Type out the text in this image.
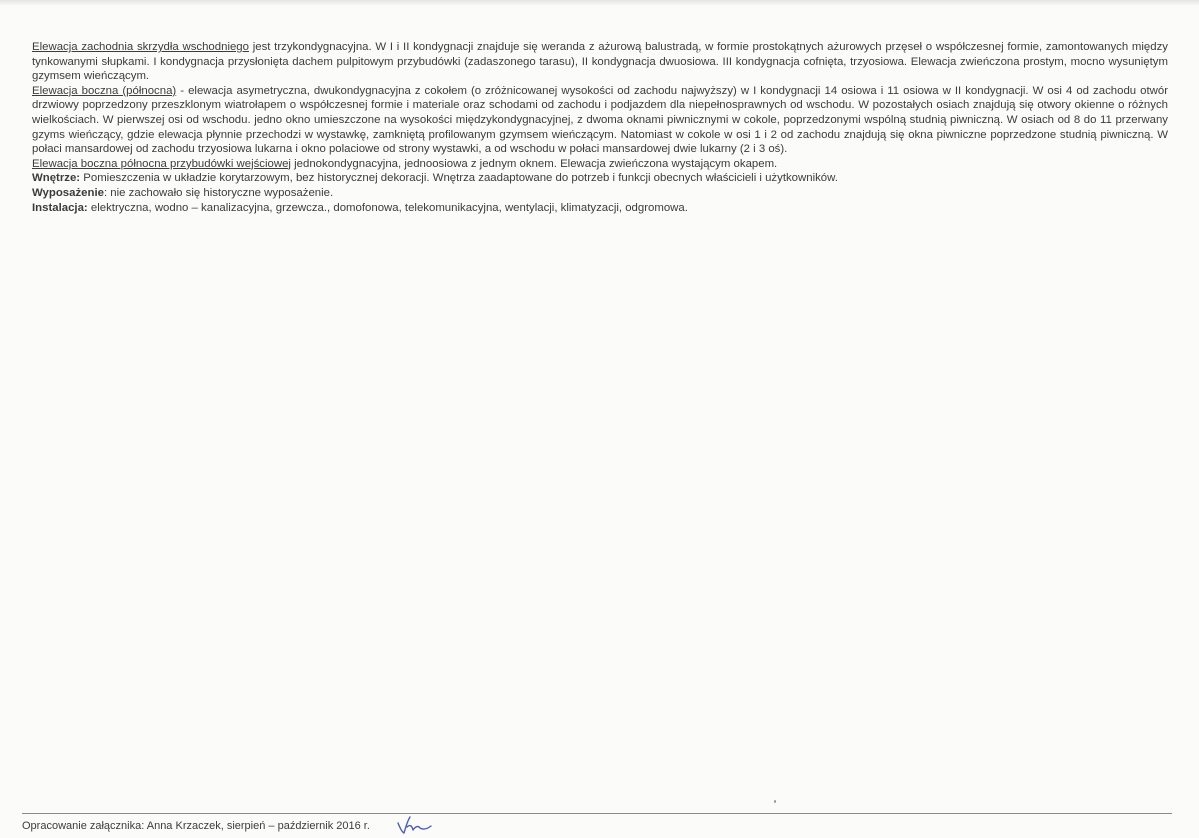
Elewacja zachodnia skrzydła wschodniego jest trzykondygnacyjna. W I i II kondygnacji znajduje się weranda z ażurową balustradą, w formie prostokątnych ażurowych przęseł o współczesnej formie, zamontowanych między tynkowanymi słupkami. I kondygnacja przysłonięta dachem pulpitowym przybudówki (zadaszonego tarasu), II kondygnacja dwuosiowa. III kondygnacja cofnięta, trzyosiowa. Elewacja zwieńczona prostym, mocno wysuniętym gzymsem wieńczącym.

Elewacja boczna (północna) - elewacja asymetryczna, dwukondygnacyjna z cokołem (o zróżnicowanej wysokości od zachodu najwyższy) w I kondygnacji 14 osiowa i 11 osiowa w II kondygnacji. W osi 4 od zachodu otwór drzwiowy poprzedzony przeszklonym wiatrołapem o współczesnej formie i materiale oraz schodami od zachodu i podjazdem dla niepełnosprawnych od wschodu. W pozostałych osiach znajdują się otwory okienne o różnych wielkościach. W pierwszej osi od wschodu. jedno okno umieszczone na wysokości międzykondygnacyjnej, z dwoma oknami piwnicznymi w cokole, poprzedzonymi wspólną studnią piwniczną. W osiach od 8 do 11 przerwany gzyms wieńczący, gdzie elewacja płynnie przechodzi w wystawkę, zamkniętą profilowanym gzymsem wieńczącym. Natomiast w cokole w osi 1 i 2 od zachodu znajdują się okna piwniczne poprzedzone studnią piwniczną. W połaci mansardowej od zachodu trzyosiowa lukarna i okno polaciowe od strony wystawki, a od wschodu w połaci mansardowej dwie lukarny (2 i 3 oś).

Elewacja boczna północna przybudówki wejściowej jednokondygnacyjna, jednoosiowa z jednym oknem. Elewacja zwieńczona wystającym okapem.

Wnętrze: Pomieszczenia w układzie korytarzowym, bez historycznej dekoracji. Wnętrza zaadaptowane do potrzeb i funkcji obecnych właścicieli i użytkowników.

Wyposażenie: nie zachowało się historyczne wyposażenie.

Instalacja: elektryczna, wodno – kanalizacyjna, grzewcza., domofonowa, telekomunikacyjna, wentylacji, klimatyzacji, odgromowa.

Opracowanie załącznika: Anna Krzaczek, sierpień – październik 2016 r.
